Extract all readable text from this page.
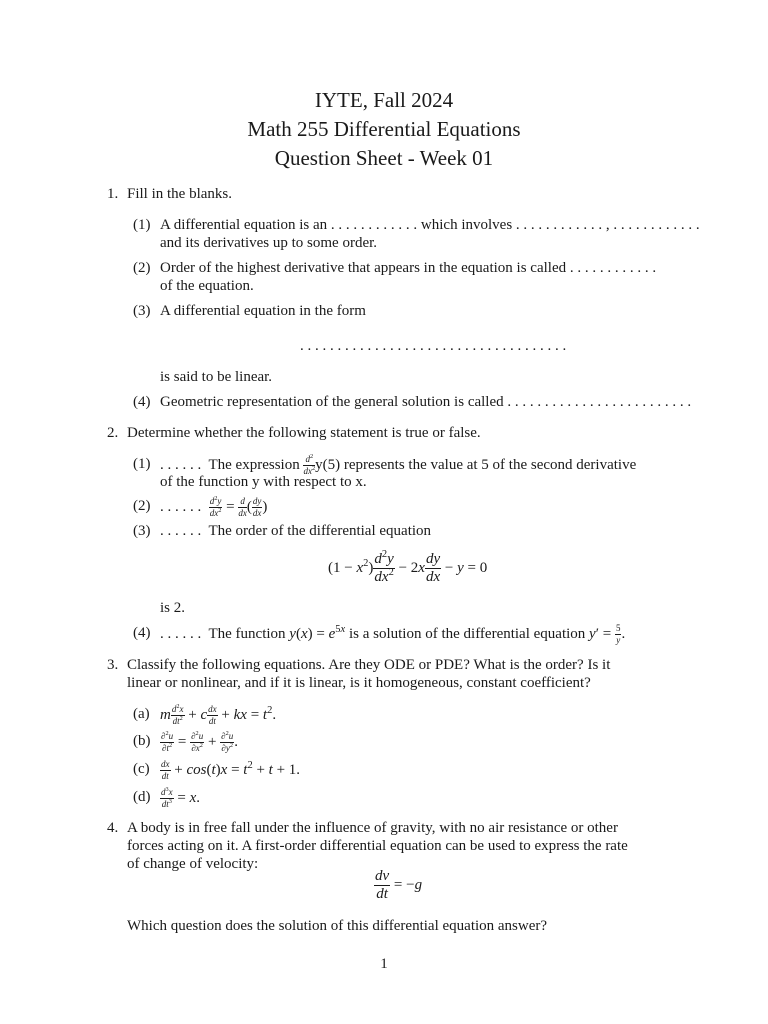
IYTE, Fall 2024
Math 255 Differential Equations
Question Sheet - Week 01
1. Fill in the blanks.
(1) A differential equation is an . . . . . . . . . . . . which involves . . . . . . . . . . . . , . . . . . . . . . . . .
and its derivatives up to some order.
(2) Order of the highest derivative that appears in the equation is called . . . . . . . . . . . .
of the equation.
(3) A differential equation in the form
. . . . . . . . . . . . . . . . . . . . . . . . . . . . . . . . . . . .
is said to be linear.
(4) Geometric representation of the general solution is called . . . . . . . . . . . . . . . . . . . . . . . . .
2. Determine whether the following statement is true or false.
(1) . . . . . . The expression $\frac{d^2}{dx^2} y(5)$ represents the value at 5 of the second derivative
of the function y with respect to x.
(2) . . . . . . $\frac{d^2y}{dx^2} = \frac{d}{dx}$ ( $\frac{dy}{dx}$ )
(3) . . . . . . The order of the differential equation
$(1 - x^2) \frac{d^2y}{dx^2} - 2x \frac{dy}{dx} - y = 0$
is 2.
(4) . . . . . . The function $y(x) = e^{5x}$ is a solution of the differential equation $y' = \frac{5}{y}$ .
3. Classify the following equations. Are they ODE or PDE? What is the order? Is it
linear or nonlinear, and if it is linear, is it homogeneous, constant coefficient?
(a) m $\frac{d^2x}{dt^2} + c \frac{dx}{dt}$ + kx = $t^2$.
$(b) \frac{\partial^2u}{\partial t^2} = \frac{\partial^2u}{\partial x^2} + \frac{\partial^2u}{\partial y^2}$ .
$(c) \frac{dx}{dt} + \cos(t)x = t^2 + t + 1$.
$(d) \frac{d^3x}{dt^3} = x$.
4. A body is in free fall under the influence of gravity, with no air resistance or other
forces acting on it. A first-order differential equation can be used to express the rate
of change of velocity:
$\frac{dv}{dt} = -g$
Which question does the solution of this differential equation answer?
1
